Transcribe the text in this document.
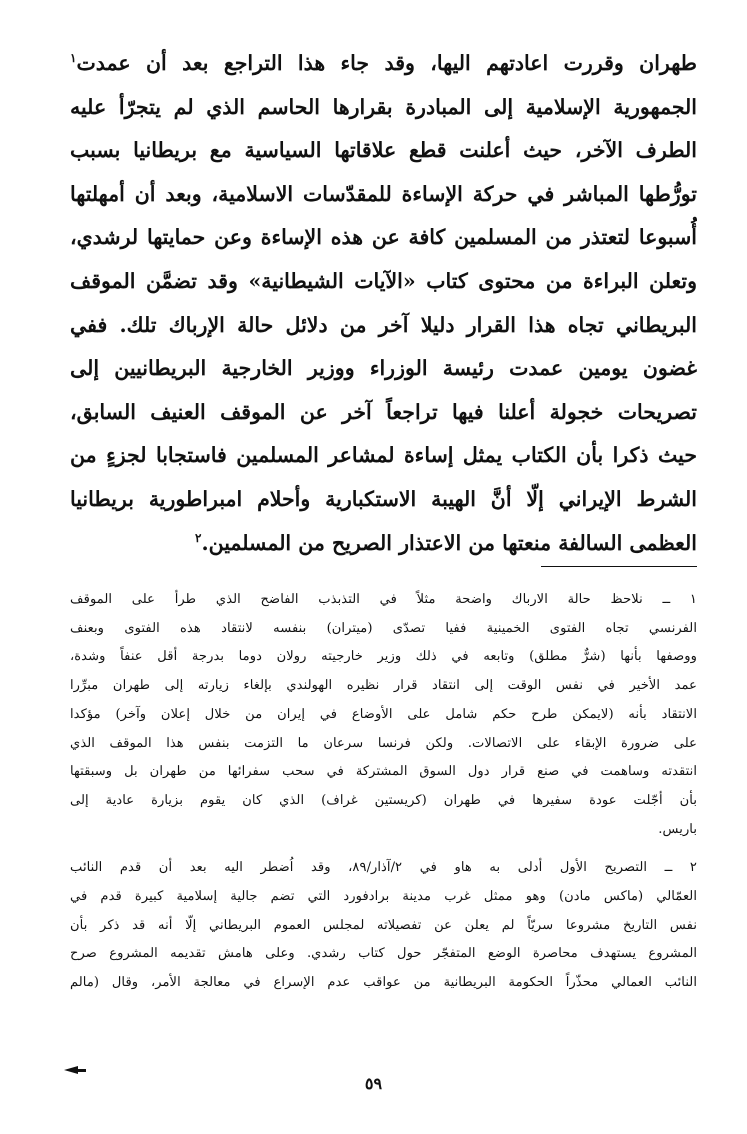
طهران وقررت اعادتهم اليها، وقد جاء هذا التراجع بعد أن عمدت$^١$
الجمهورية الإسلامية إلى المبادرة بقرارها الحاسم الذي لم يتجرّأ عليه
الطرف الآخر، حيث أعلنت قطع علاقاتها السياسية مع بريطانيا بسبب
تورُّطها المباشر في حركة الإساءة للمقدّسات الاسلامية، وبعد أن أمهلتها
أُسبوعا لتعتذر من المسلمين كافة عن هذه الإساءة وعن حمايتها لرشدي،
وتعلن البراءة من محتوى كتاب «الآيات الشيطانية» وقد تضمَّن الموقف
البريطاني تجاه هذا القرار دليلا آخر من دلائل حالة الإرباك تلك. ففي
غضون يومين عمدت رئيسة الوزراء ووزير الخارجية البريطانيين إلى
تصريحات خجولة أعلنا فيها تراجعاً آخر عن الموقف العنيف السابق،
حيث ذكرا بأن الكتاب يمثل إساءة لمشاعر المسلمين فاستجابا لجزءٍ من
الشرط الإيراني إلّا أنَّ الهيبة الاستكبارية وأحلام امبراطورية بريطانيا
العظمى السالفة منعتها من الاعتذار الصريح من المسلمين.$^٢$
١ ــ نلاحظ حالة الارباك واضحة مثلاً في التذبذب الفاضح الذي طرأ على الموقف
الفرنسي تجاه الفتوى الخمينية ففيا تصدّى (ميتران) بنفسه لانتقاد هذه الفتوى وبعنف
ووصفها بأنها (شرٌّ مطلق) وتابعه في ذلك وزير خارجيته رولان دوما بدرجة أقل عنفاً وشدة،
عمد الأخير في نفس الوقت إلى انتقاد قرار نظيره الهولندي بإلغاء زيارته إلى طهران مبرِّرا
الانتقاد بأنه (لايمكن طرح حكم شامل على الأوضاع في إيران من خلال إعلان وآخر) مؤكدا
على ضرورة الإبقاء على الاتصالات. ولكن فرنسا سرعان ما التزمت بنفس هذا الموقف الذي
انتقدته وساهمت في صنع قرار دول السوق المشتركة في سحب سفرائها من طهران بل وسبقتها
بأن أجّلت عودة سفيرها في طهران (كريستين غراف) الذي كان يقوم بزيارة عادية إلى
باريس.
٢ ــ التصريح الأول أدلى به هاو في ٢/آذار/٨٩، وقد اُضطر اليه بعد أن قدم النائب
العمّالي (ماكس مادن) وهو ممثل غرب مدينة برادفورد التي تضم جالية إسلامية كبيرة قدم في
نفس التاريخ مشروعا سريّاً لم يعلن عن تفصيلاته لمجلس العموم البريطاني إلّا أنه قد ذكر بأن
المشروع يستهدف محاصرة الوضع المتفجّر حول كتاب رشدي. وعلى هامش تقديمه المشروع صرح
النائب العمالي محذّراً الحكومة البريطانية من عواقب عدم الإسراع في معالجة الأمر، وقال (مالم
٥٩
